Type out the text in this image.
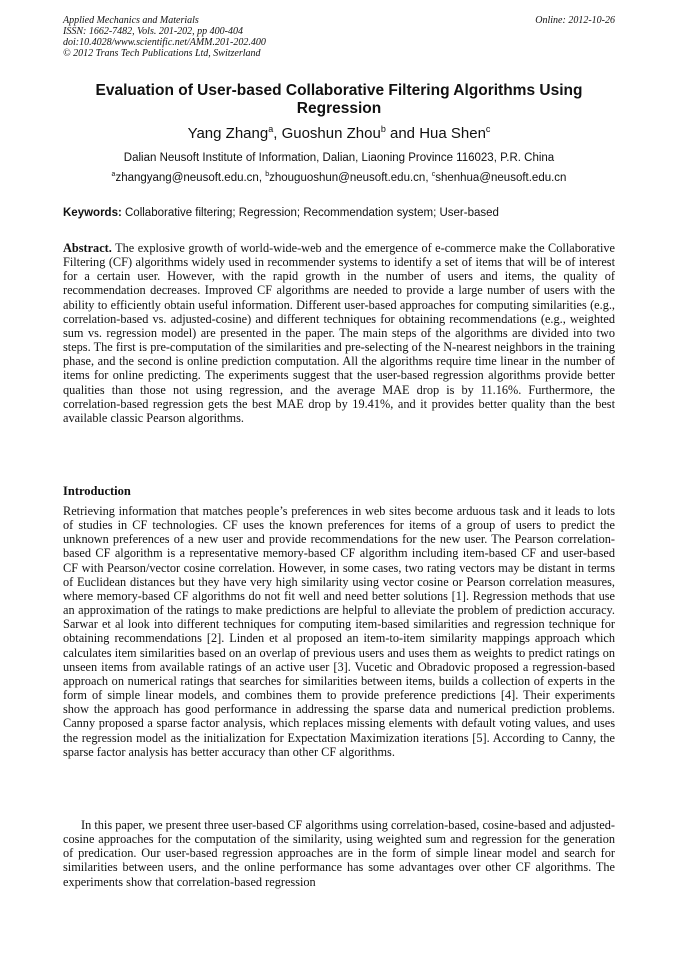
Applied Mechanics and Materials
ISSN: 1662-7482, Vols. 201-202, pp 400-404
doi:10.4028/www.scientific.net/AMM.201-202.400
© 2012 Trans Tech Publications Ltd, Switzerland
Online: 2012-10-26
Evaluation of User-based Collaborative Filtering Algorithms Using
Regression
Yang Zhang$^a$, Guoshun Zhou$^b$ and Hua Shen$^c$
Dalian Neusoft Institute of Information, Dalian, Liaoning Province 116023, P.R. China
$^a$zhangyang@neusoft.edu.cn, $^b$zhouguoshun@neusoft.edu.cn, $^c$shenhua@neusoft.edu.cn
Keywords: Collaborative filtering; Regression; Recommendation system; User-based
Abstract. The explosive growth of world-wide-web and the emergence of e-commerce make the Collaborative Filtering (CF) algorithms widely used in recommender systems to identify a set of items that will be of interest for a certain user. However, with the rapid growth in the number of users and items, the quality of recommendation decreases. Improved CF algorithms are needed to provide a large number of users with the ability to efficiently obtain useful information. Different user-based approaches for computing similarities (e.g., correlation-based vs. adjusted-cosine) and different techniques for obtaining recommendations (e.g., weighted sum vs. regression model) are presented in the paper. The main steps of the algorithms are divided into two steps. The first is pre-computation of the similarities and pre-selecting of the N-nearest neighbors in the training phase, and the second is online prediction computation. All the algorithms require time linear in the number of items for online predicting. The experiments suggest that the user-based regression algorithms provide better qualities than those not using regression, and the average MAE drop is by 11.16%. Furthermore, the correlation-based regression gets the best MAE drop by 19.41%, and it provides better quality than the best available classic Pearson algorithms.
Introduction
Retrieving information that matches people’s preferences in web sites become arduous task and it leads to lots of studies in CF technologies. CF uses the known preferences for items of a group of users to predict the unknown preferences of a new user and provide recommendations for the new user. The Pearson correlation-based CF algorithm is a representative memory-based CF algorithm including item-based CF and user-based CF with Pearson/vector cosine correlation. However, in some cases, two rating vectors may be distant in terms of Euclidean distances but they have very high similarity using vector cosine or Pearson correlation measures, where memory-based CF algorithms do not fit well and need better solutions [1]. Regression methods that use an approximation of the ratings to make predictions are helpful to alleviate the problem of prediction accuracy. Sarwar et al look into different techniques for computing item-based similarities and regression technique for obtaining recommendations [2]. Linden et al proposed an item-to-item similarity mappings approach which calculates item similarities based on an overlap of previous users and uses them as weights to predict ratings on unseen items from available ratings of an active user [3]. Vucetic and Obradovic proposed a regression-based approach on numerical ratings that searches for similarities between items, builds a collection of experts in the form of simple linear models, and combines them to provide preference predictions [4]. Their experiments show the approach has good performance in addressing the sparse data and numerical prediction problems. Canny proposed a sparse factor analysis, which replaces missing elements with default voting values, and uses the regression model as the initialization for Expectation Maximization iterations [5]. According to Canny, the sparse factor analysis has better accuracy than other CF algorithms.
In this paper, we present three user-based CF algorithms using correlation-based, cosine-based and adjusted-cosine approaches for the computation of the similarity, using weighted sum and regression for the generation of predication. Our user-based regression approaches are in the form of simple linear model and search for similarities between users, and the online performance has some advantages over other CF algorithms. The experiments show that correlation-based regression
